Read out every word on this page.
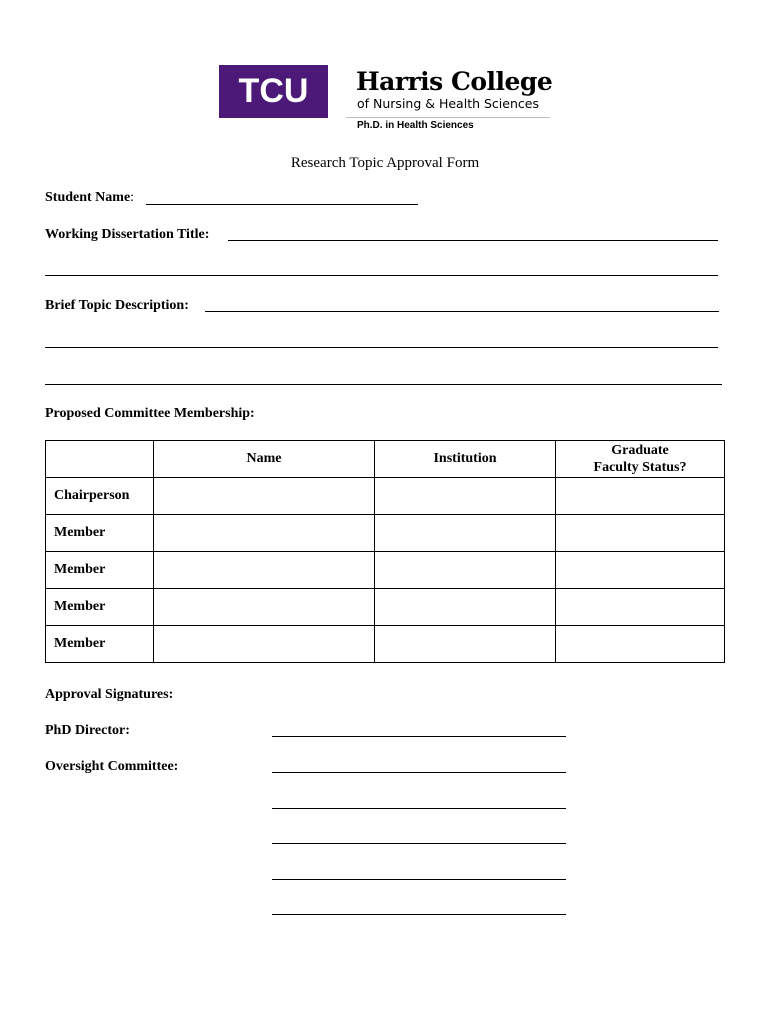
TCU	Harris College
of Nursing & Health Sciences
Ph.D. in Health Sciences
Research Topic Approval Form
Student Name:
Working Dissertation Title:
Brief Topic Description:
Proposed Committee Membership:
	Name	Institution	Graduate Faculty Status?

Chairperson			
Member			
Member			
Member			
Member			
Approval Signatures:
PhD Director:
Oversight Committee:
